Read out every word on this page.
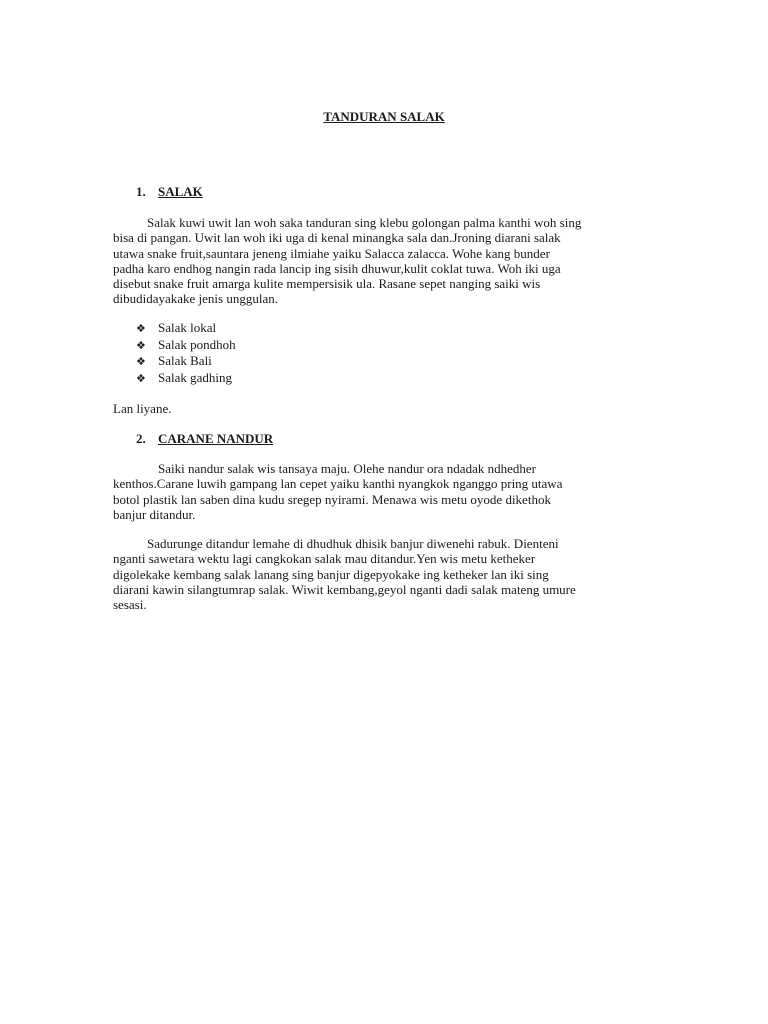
TANDURAN SALAK
1. SALAK
Salak kuwi uwit lan woh saka tanduran sing klebu golongan palma kanthi woh sing
bisa di pangan. Uwit lan woh iki uga di kenal minangka sala dan.Jroning diarani salak
utawa snake fruit,sauntara jeneng ilmiahe yaiku Salacca zalacca. Wohe kang bunder
padha karo endhog nangin rada lancip ing sisih dhuwur,kulit coklat tuwa. Woh iki uga
disebut snake fruit amarga kulite mempersisik ula. Rasane sepet nanging saiki wis
dibudidayakake jenis unggulan.
❖ Salak lokal
❖ Salak pondhoh
❖ Salak Bali
❖ Salak gadhing
Lan liyane.
2. CARANE NANDUR
Saiki nandur salak wis tansaya maju. Olehe nandur ora ndadak ndhedher
kenthos.Carane luwih gampang lan cepet yaiku kanthi nyangkok nganggo pring utawa
botol plastik lan saben dina kudu sregep nyirami. Menawa wis metu oyode dikethok
banjur ditandur.
Sadurunge ditandur lemahe di dhudhuk dhisik banjur diwenehi rabuk. Dienteni
nganti sawetara wektu lagi cangkokan salak mau ditandur.Yen wis metu ketheker
digolekake kembang salak lanang sing banjur digepyokake ing ketheker lan iki sing
diarani kawin silangtumrap salak. Wiwit kembang,geyol nganti dadi salak mateng umure
sesasi.
